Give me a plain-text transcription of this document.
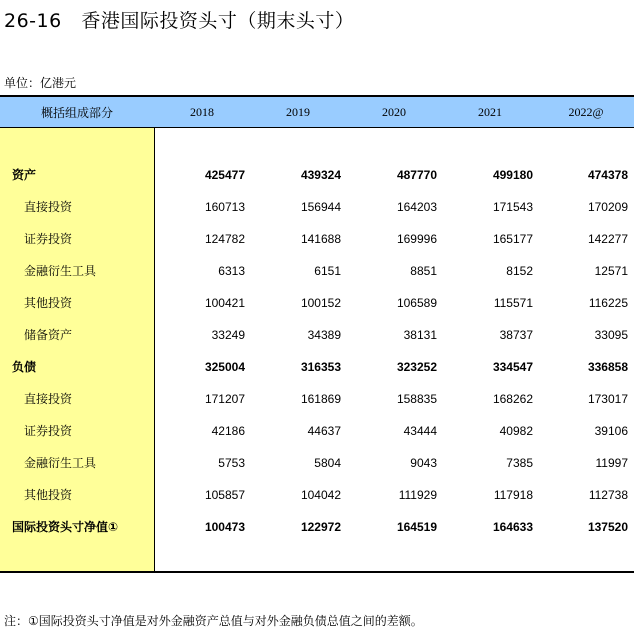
26-16   香港国际投资头寸（期末头寸）
单位：亿港元
概括组成部分	2018	2019	2020	2021	2022@
资产	425477	439324	487770	499180	474378
直接投资	160713	156944	164203	171543	170209
证券投资	124782	141688	169996	165177	142277
金融衍生工具	6313	6151	8851	8152	12571
其他投资	100421	100152	106589	115571	116225
储备资产	33249	34389	38131	38737	33095
负债	325004	316353	323252	334547	336858
直接投资	171207	161869	158835	168262	173017
证券投资	42186	44637	43444	40982	39106
金融衍生工具	5753	5804	9043	7385	11997
其他投资	105857	104042	111929	117918	112738
国际投资头寸净值①	100473	122972	164519	164633	137520
注：①国际投资头寸净值是对外金融资产总值与对外金融负债总值之间的差额。
